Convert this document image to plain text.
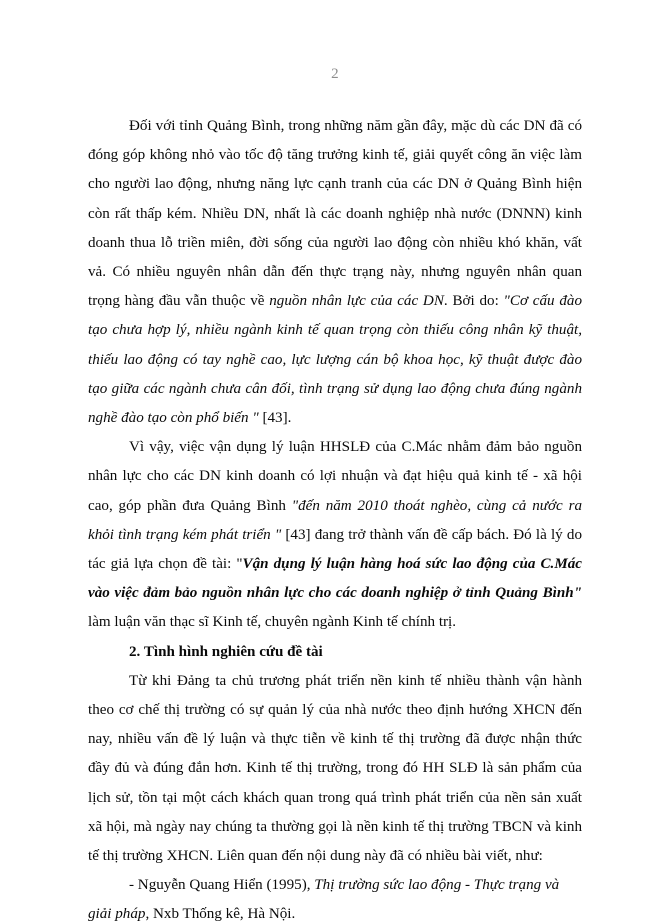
2

Đối với tỉnh Quảng Bình, trong những năm gần đây, mặc dù các DN đã có đóng góp không nhỏ vào tốc độ tăng trưởng kinh tế, giải quyết công ăn việc làm cho người lao động, nhưng năng lực cạnh tranh của các DN ở Quảng Bình hiện còn rất thấp kém. Nhiều DN, nhất là các doanh nghiệp nhà nước (DNNN) kinh doanh thua lỗ triền miên, đời sống của người lao động còn nhiều khó khăn, vất vả. Có nhiều nguyên nhân dẫn đến thực trạng này, nhưng nguyên nhân quan trọng hàng đầu vẫn thuộc về nguồn nhân lực của các DN. Bởi do: "Cơ cấu đào tạo chưa hợp lý, nhiều ngành kinh tế quan trọng còn thiếu công nhân kỹ thuật, thiếu lao động có tay nghề cao, lực lượng cán bộ khoa học, kỹ thuật được đào tạo giữa các ngành chưa cân đối, tình trạng sử dụng lao động chưa đúng ngành nghề đào tạo còn phổ biến " [43].

Vì vậy, việc vận dụng lý luận HHSLĐ của C.Mác nhằm đảm bảo nguồn nhân lực cho các DN kinh doanh có lợi nhuận và đạt hiệu quả kinh tế - xã hội cao, góp phần đưa Quảng Bình "đến năm 2010 thoát nghèo, cùng cả nước ra khỏi tình trạng kém phát triển " [43] đang trở thành vấn đề cấp bách. Đó là lý do tác giả lựa chọn đề tài: "Vận dụng lý luận hàng hoá sức lao động của C.Mác vào việc đảm bảo nguồn nhân lực cho các doanh nghiệp ở tỉnh Quảng Bình" làm luận văn thạc sĩ Kinh tế, chuyên ngành Kinh tế chính trị.

2. Tình hình nghiên cứu đề tài

Từ khi Đảng ta chủ trương phát triển nền kinh tế nhiều thành vận hành theo cơ chế thị trường có sự quản lý của nhà nước theo định hướng XHCN đến nay, nhiều vấn đề lý luận và thực tiễn về kinh tế thị trường đã được nhận thức đầy đủ và đúng đắn hơn. Kinh tế thị trường, trong đó HH SLĐ là sản phẩm của lịch sử, tồn tại một cách khách quan trong quá trình phát triển của nền sản xuất xã hội, mà ngày nay chúng ta thường gọi là nền kinh tế thị trường TBCN và kinh tế thị trường XHCN. Liên quan đến nội dung này đã có nhiều bài viết, như:

- Nguyễn Quang Hiển (1995), Thị trường sức lao động - Thực trạng và giải pháp, Nxb Thống kê, Hà Nội.
